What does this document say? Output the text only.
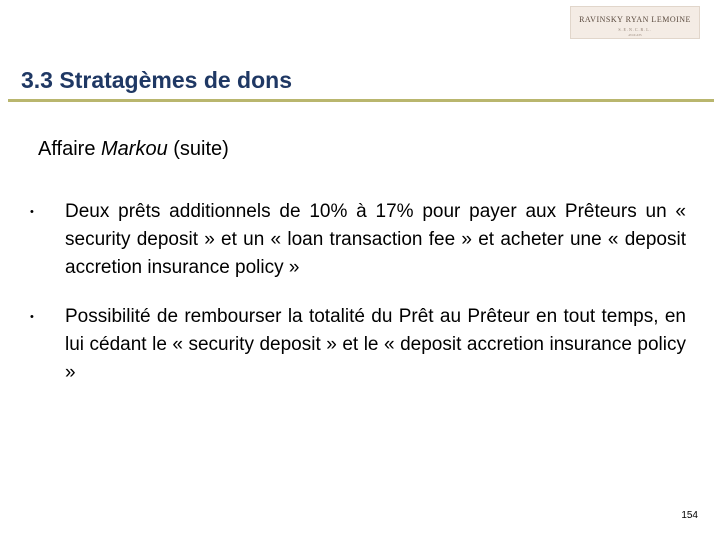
RAVINSKY RYAN LEMOINE
S.E.N.C.R.L.
AVOCATS
3.3 Stratagèmes de dons
Affaire Markou (suite)
• Deux prêts additionnels de 10% à 17% pour payer aux Prêteurs un « security deposit » et un « loan transaction fee » et acheter une « deposit accretion insurance policy »
• Possibilité de rembourser la totalité du Prêt au Prêteur en tout temps, en lui cédant le « security deposit » et le « deposit accretion insurance policy »
154
